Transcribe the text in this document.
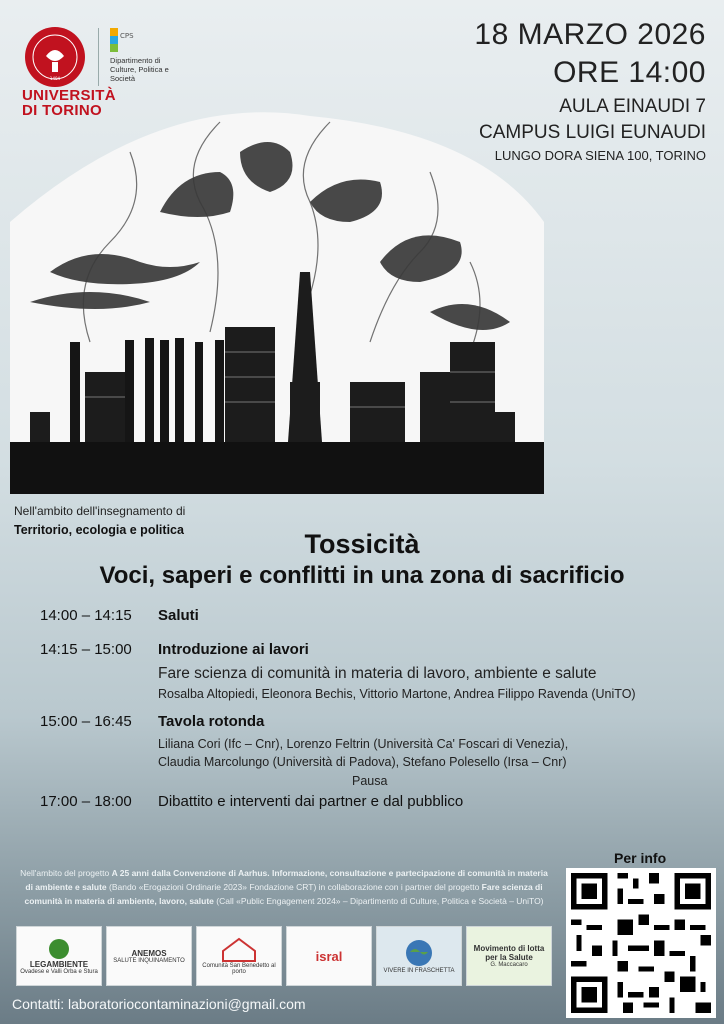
1404
UNIVERSITÀ
DI TORINO
CPS
Dipartimento di Culture, Politica e Società
18 MARZO 2026
ORE 14:00
AULA EINAUDI 7
CAMPUS LUIGI EUNAUDI
LUNGO DORA SIENA 100, TORINO
Nell'ambito dell'insegnamento di
Territorio, ecologia e politica	Tossicità
Voci, saperi e conflitti in una zona di sacrificio
14:00 – 14:15 Saluti
14:15 – 15:00 Introduzione ai lavori
Fare scienza di comunità in materia di lavoro, ambiente e salute
Rosalba Altopiedi, Eleonora Bechis, Vittorio Martone, Andrea Filippo Ravenda (UniTO)
15:00 – 16:45 Tavola rotonda
Liliana Cori (Ifc – Cnr), Lorenzo Feltrin (Università Ca' Foscari di Venezia),
Claudia Marcolungo (Università di Padova), Stefano Polesello (Irsa – Cnr)
Pausa
17:00 – 18:00 Dibattito e interventi dai partner e dal pubblico
Nell'ambito del progetto A 25 anni dalla Convenzione di Aarhus. Informazione, consultazione e partecipazione di comunità in materia di ambiente e salute (Bando «Erogazioni Ordinarie 2023» Fondazione CRT) in collaborazione con i partner del progetto Fare scienza di comunità in materia di ambiente, lavoro, salute (Call «Public Engagement 2024» – Dipartimento di Culture, Politica e Società – UniTO)
LEGAMBIENTE
Ovadese e Valli Orba e Stura
ANEMOS
SALUTE INQUINAMENTO
Comunità San Benedetto al porto
isral
VIVERE IN FRASCHETTA
Movimento di lotta per la Salute
G. Maccacaro
Contatti: laboratoriocontaminazioni@gmail.com
Per info
